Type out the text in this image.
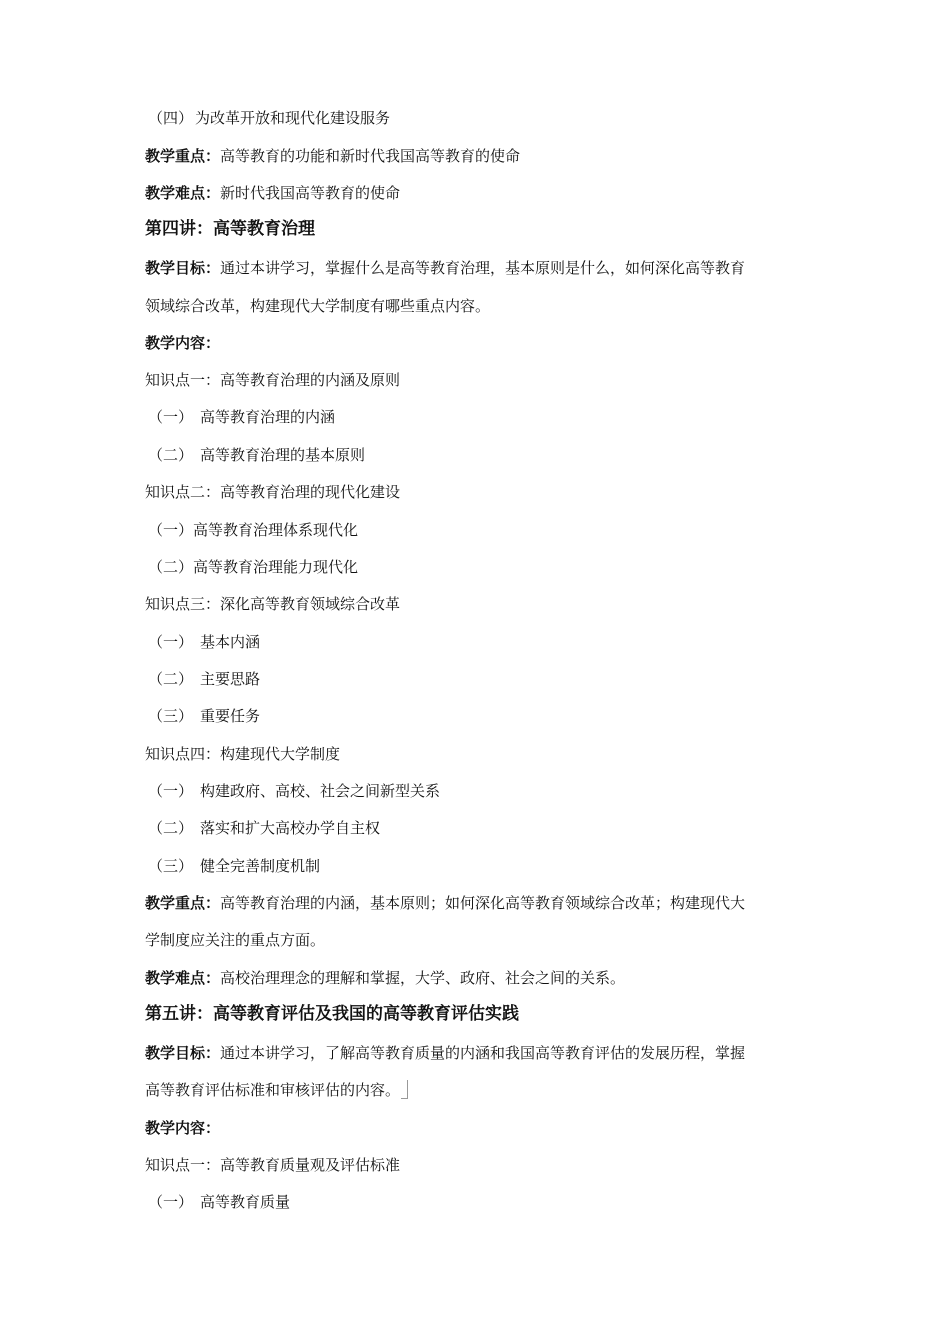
（四） 为改革开放和现代化建设服务
教学重点：高等教育的功能和新时代我国高等教育的使命
教学难点：新时代我国高等教育的使命
第四讲：高等教育治理
教学目标：通过本讲学习，掌握什么是高等教育治理，基本原则是什么，如何深化高等教育
领域综合改革，构建现代大学制度有哪些重点内容。
教学内容：
知识点一：高等教育治理的内涵及原则
（一） 高等教育治理的内涵
（二） 高等教育治理的基本原则
知识点二：高等教育治理的现代化建设
（一）高等教育治理体系现代化
（二）高等教育治理能力现代化
知识点三：深化高等教育领域综合改革
（一） 基本内涵
（二） 主要思路
（三） 重要任务
知识点四：构建现代大学制度
（一） 构建政府、高校、社会之间新型关系
（二） 落实和扩大高校办学自主权
（三） 健全完善制度机制
教学重点：高等教育治理的内涵，基本原则；如何深化高等教育领域综合改革；构建现代大
学制度应关注的重点方面。
教学难点：高校治理理念的理解和掌握，大学、政府、社会之间的关系。
第五讲：高等教育评估及我国的高等教育评估实践
教学目标：通过本讲学习，了解高等教育质量的内涵和我国高等教育评估的发展历程，掌握
高等教育评估标准和审核评估的内容。
教学内容：
知识点一：高等教育质量观及评估标准
（一） 高等教育质量
